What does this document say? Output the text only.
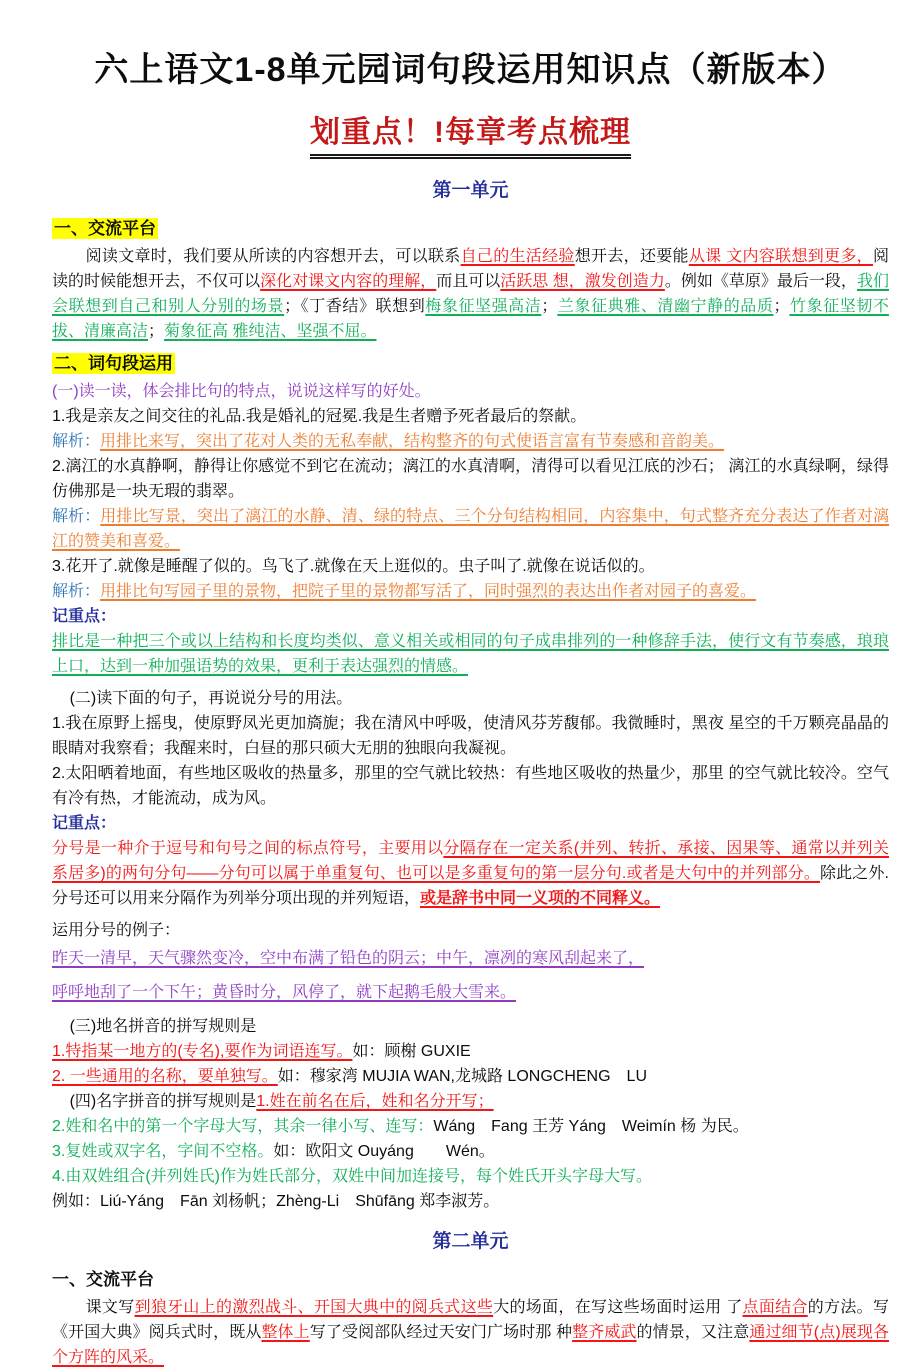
六上语文1-8单元园词句段运用知识点（新版本）
划重点！!每章考点梳理
第一单元
一、交流平台
阅读文章时，我们要从所读的内容想开去，可以联系自己的生活经验想开去，还要能从课 文内容联想到更多，阅读的时候能想开去，不仅可以深化对课文内容的理解，而且可以活跃思 想，激发创造力。例如《草原》最后一段，我们会联想到自己和别人分别的场景；《丁香结》联想到梅象征坚强高洁；兰象征典雅、清幽宁静的品质；竹象征坚韧不拔、清廉高洁；菊象征高 雅纯洁、坚强不屈。
二、词句段运用
(一)读一读，体会排比句的特点，说说这样写的好处。
1.我是亲友之间交往的礼品.我是婚礼的冠冕.我是生者赠予死者最后的祭献。
解析：用排比来写，突出了花对人类的无私奉献，结构整齐的句式使语言富有节奏感和音韵美。
2.漓江的水真静啊，静得让你感觉不到它在流动；漓江的水真清啊，清得可以看见江底的沙石； 漓江的水真绿啊，绿得仿佛那是一块无瑕的翡翠。
解析：用排比写景，突出了漓江的水静、清、绿的特点、三个分句结构相同，内容集中，句式整齐充分表达了作者对漓江的赞美和喜爱。
3.花开了.就像是睡醒了似的。鸟飞了.就像在天上逛似的。虫子叫了.就像在说话似的。
解析：用排比句写园子里的景物，把院子里的景物都写活了，同时强烈的表达出作者对园子的喜爱。
记重点：
排比是一种把三个或以上结构和长度均类似、意义相关或相同的句子成串排列的一种修辞手法，使行文有节奏感，琅琅上口，达到一种加强语势的效果，更利于表达强烈的情感。
(二)读下面的句子，再说说分号的用法。
1.我在原野上摇曳，使原野凤光更加旖旎；我在清风中呼吸，使清风芬芳馥郁。我微睡时，黑夜 星空的千万颗亮晶晶的眼睛对我察看；我醒来时，白昼的那只硕大无朋的独眼向我凝视。
2.太阳晒着地面，有些地区吸收的热量多，那里的空气就比较热：有些地区吸收的热量少，那里 的空气就比较冷。空气有冷有热，才能流动，成为风。
记重点：
分号是一种介于逗号和句号之间的标点符号，主要用以分隔存在一定关系(并列、转折、承接、因果等、通常以并列关系居多)的两句分句——分句可以属于单重复句、也可以是多重复句的第一层分句.或者是大句中的并列部分。除此之外.分号还可以用来分隔作为列举分项出现的并列短语，或是辞书中同一义项的不同释义。
运用分号的例子：
昨天一清早，天气骤然变冷，空中布满了铅色的阴云；中午，凛冽的寒风刮起来了，
呼呼地刮了一个下午；黄昏时分，风停了，就下起鹅毛般大雪来。
(三)地名拼音的拼写规则是
1.特指某一地方的(专名),要作为词语连写。如：顾榭 GUXIE
2. 一些通用的名称，要单独写。如：穆家湾 MUJIA WAN,龙城路 LONGCHENG　LU
(四)名字拼音的拼写规则是1.姓在前名在后，姓和名分开写；
2.姓和名中的第一个字母大写，其余一律小写、连写：Wáng　Fang 王芳 Yáng　Weimín 杨 为民。
3.复姓或双字名，字间不空格。如：欧阳文 Ouyáng　　Wén。
4.由双姓组合(并列姓氏)作为姓氏部分，双姓中间加连接号，每个姓氏开头字母大写。
例如：Liú-Yáng　Fān 刘杨帆；Zhèng-Li　Shūfāng 郑李淑芳。
第二单元
一、交流平台
课文写到狼牙山上的激烈战斗、开国大典中的阅兵式这些大的场面，在写这些场面时运用 了点面结合的方法。写《开国大典》阅兵式时，既从整体上写了受阅部队经过天安门广场时那 种整齐威武的情景，又注意通过细节(点)展现各个方阵的风采。
